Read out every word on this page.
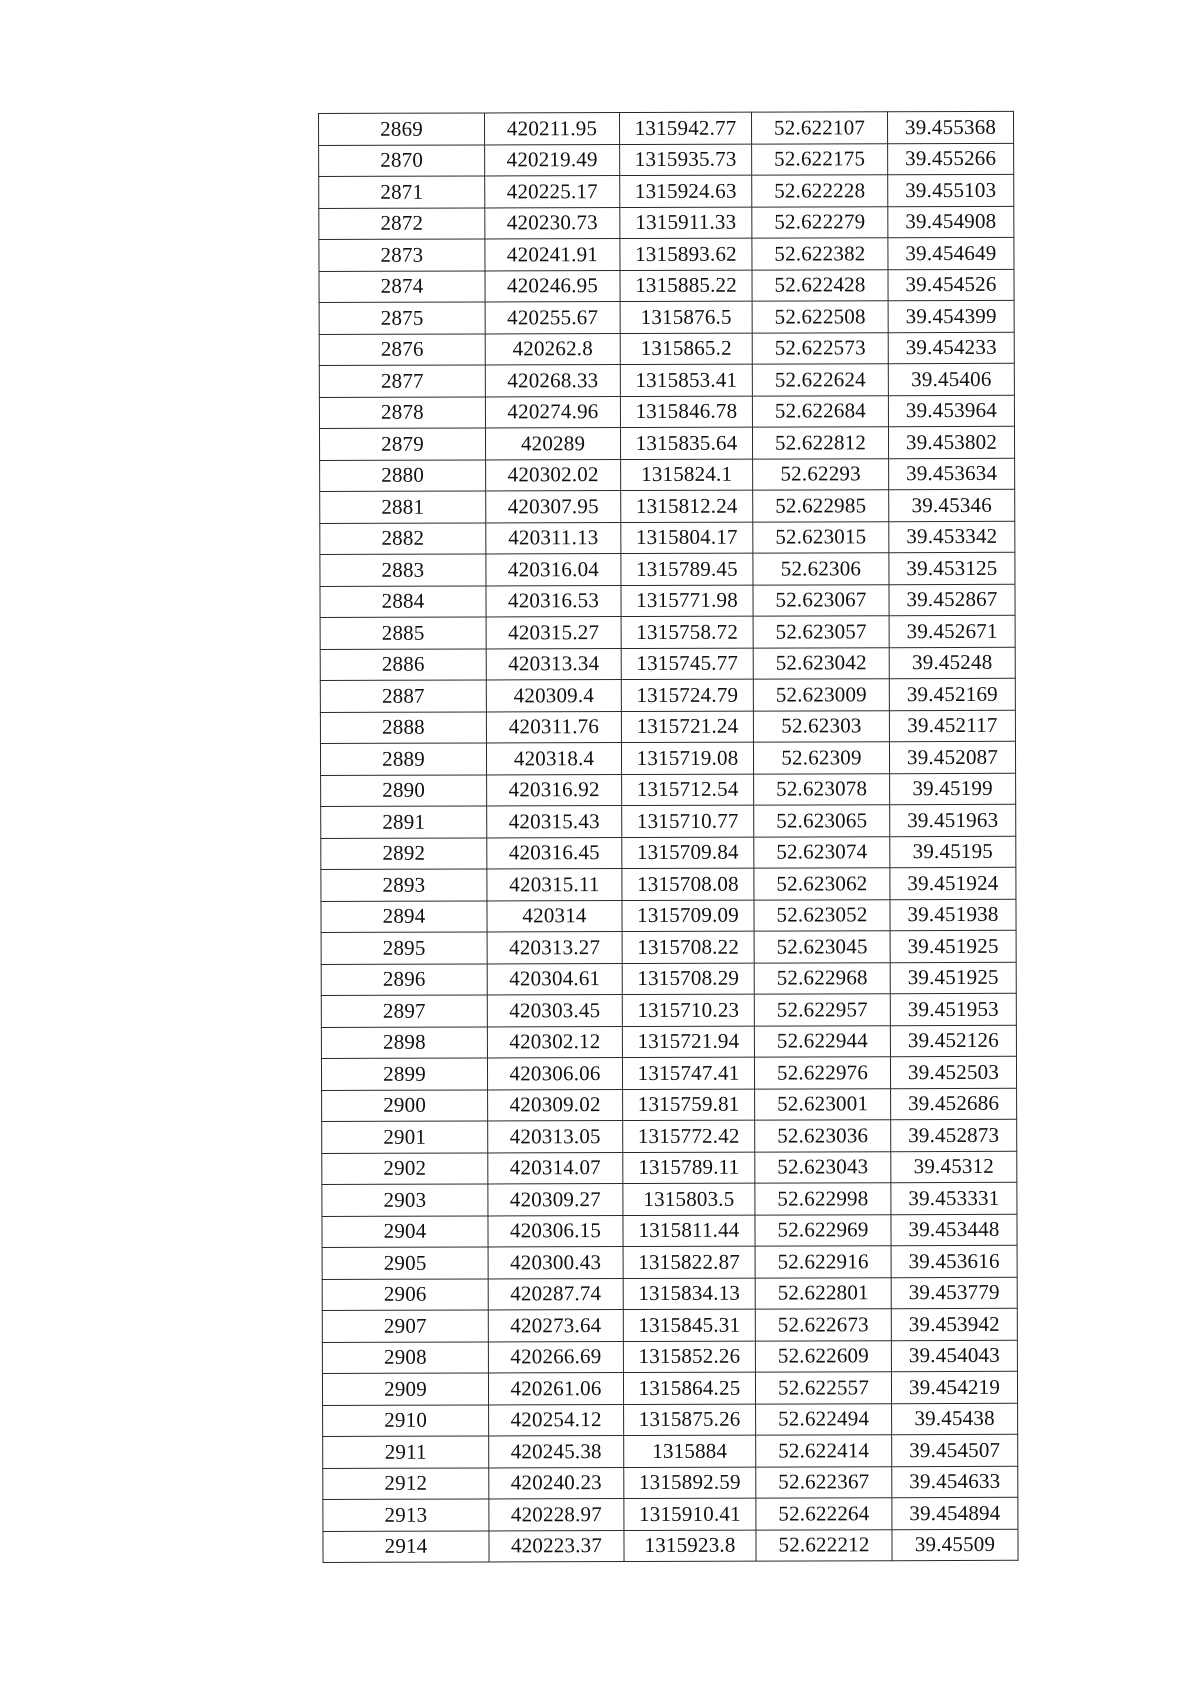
2869	420211.95	1315942.77	52.622107	39.455368
2870	420219.49	1315935.73	52.622175	39.455266
2871	420225.17	1315924.63	52.622228	39.455103
2872	420230.73	1315911.33	52.622279	39.454908
2873	420241.91	1315893.62	52.622382	39.454649
2874	420246.95	1315885.22	52.622428	39.454526
2875	420255.67	1315876.5	52.622508	39.454399
2876	420262.8	1315865.2	52.622573	39.454233
2877	420268.33	1315853.41	52.622624	39.45406
2878	420274.96	1315846.78	52.622684	39.453964
2879	420289	1315835.64	52.622812	39.453802
2880	420302.02	1315824.1	52.62293	39.453634
2881	420307.95	1315812.24	52.622985	39.45346
2882	420311.13	1315804.17	52.623015	39.453342
2883	420316.04	1315789.45	52.62306	39.453125
2884	420316.53	1315771.98	52.623067	39.452867
2885	420315.27	1315758.72	52.623057	39.452671
2886	420313.34	1315745.77	52.623042	39.45248
2887	420309.4	1315724.79	52.623009	39.452169
2888	420311.76	1315721.24	52.62303	39.452117
2889	420318.4	1315719.08	52.62309	39.452087
2890	420316.92	1315712.54	52.623078	39.45199
2891	420315.43	1315710.77	52.623065	39.451963
2892	420316.45	1315709.84	52.623074	39.45195
2893	420315.11	1315708.08	52.623062	39.451924
2894	420314	1315709.09	52.623052	39.451938
2895	420313.27	1315708.22	52.623045	39.451925
2896	420304.61	1315708.29	52.622968	39.451925
2897	420303.45	1315710.23	52.622957	39.451953
2898	420302.12	1315721.94	52.622944	39.452126
2899	420306.06	1315747.41	52.622976	39.452503
2900	420309.02	1315759.81	52.623001	39.452686
2901	420313.05	1315772.42	52.623036	39.452873
2902	420314.07	1315789.11	52.623043	39.45312
2903	420309.27	1315803.5	52.622998	39.453331
2904	420306.15	1315811.44	52.622969	39.453448
2905	420300.43	1315822.87	52.622916	39.453616
2906	420287.74	1315834.13	52.622801	39.453779
2907	420273.64	1315845.31	52.622673	39.453942
2908	420266.69	1315852.26	52.622609	39.454043
2909	420261.06	1315864.25	52.622557	39.454219
2910	420254.12	1315875.26	52.622494	39.45438
2911	420245.38	1315884	52.622414	39.454507
2912	420240.23	1315892.59	52.622367	39.454633
2913	420228.97	1315910.41	52.622264	39.454894
2914	420223.37	1315923.8	52.622212	39.45509
